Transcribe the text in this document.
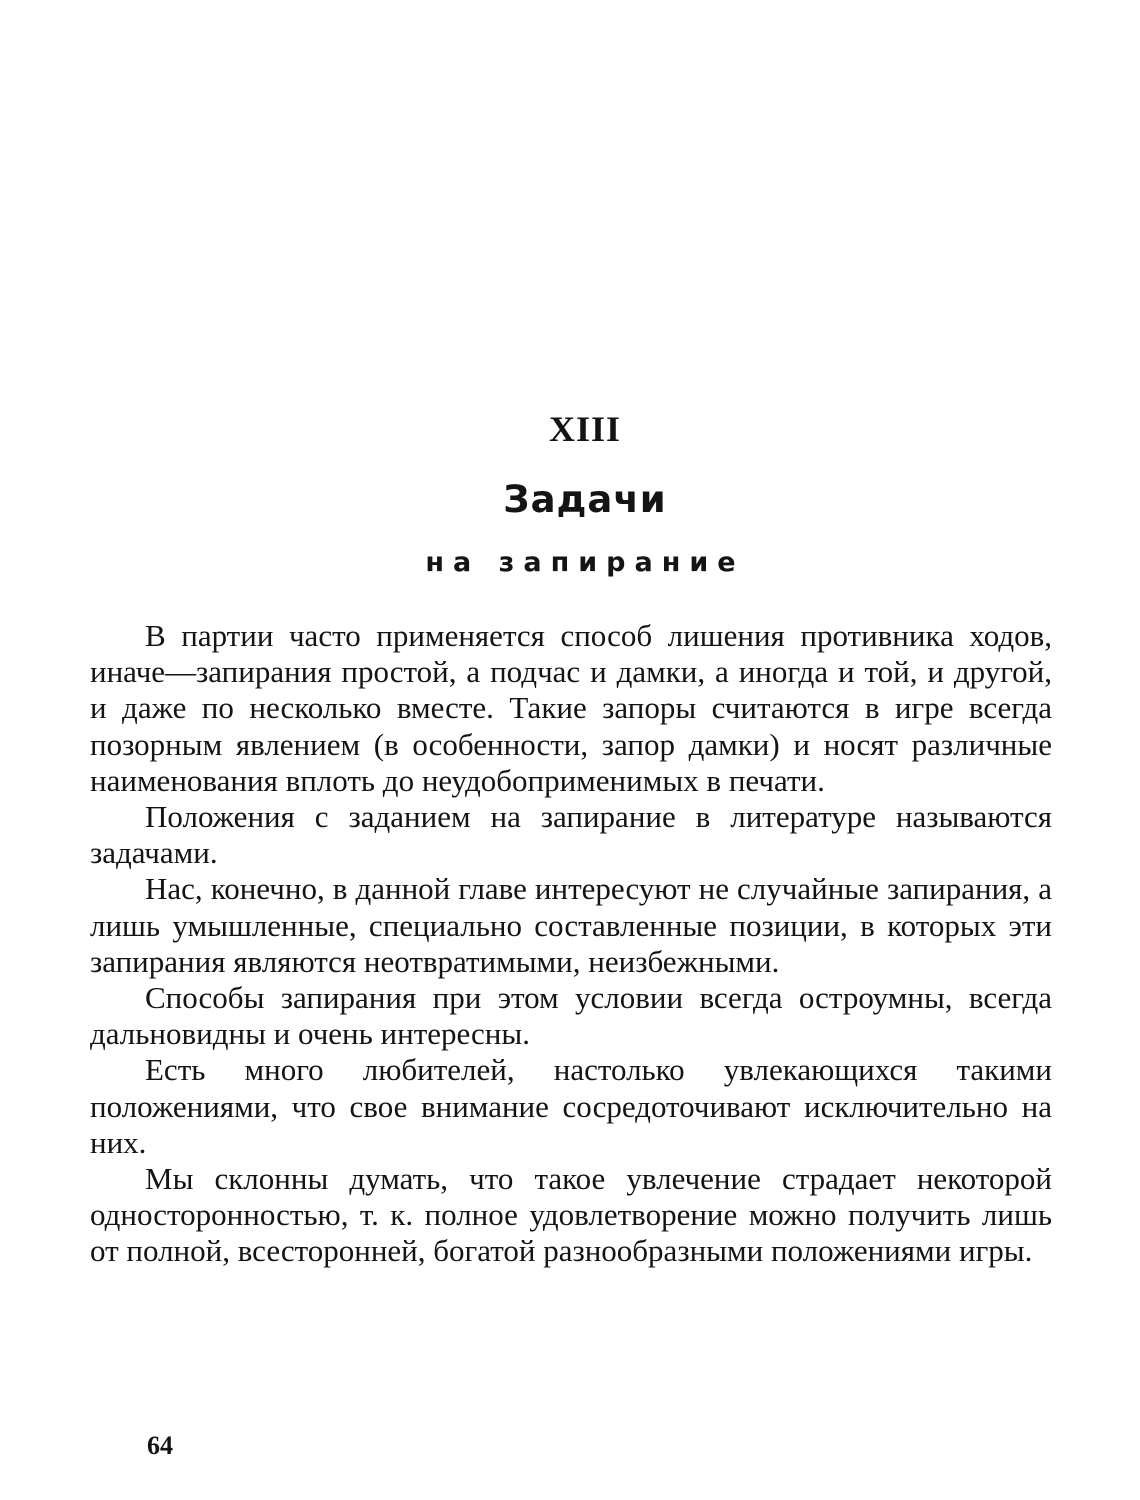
XIII
Задачи
на запирание

В партии часто применяется способ лишения противника ходов, иначе—запирания простой, а подчас и дамки, а иногда и той, и другой, и даже по несколько вместе. Такие запоры считаются в игре всегда позорным явлением (в особенности, запор дамки) и носят различные наименования вплоть до неудобоприменимых в печати.

Положения с заданием на запирание в литературе называются задачами.

Нас, конечно, в данной главе интересуют не случайные запирания, а лишь умышленные, специально составленные позиции, в которых эти запирания являются неотвратимыми, неизбежными.

Способы запирания при этом условии всегда остроумны, всегда дальновидны и очень интересны.

Есть много любителей, настолько увлекающихся такими положениями, что свое внимание сосредоточивают исключительно на них.

Мы склонны думать, что такое увлечение страдает некоторой односторонностью, т. к. полное удовлетворение можно получить лишь от полной, всесторонней, богатой разнообразными положениями игры.

64
